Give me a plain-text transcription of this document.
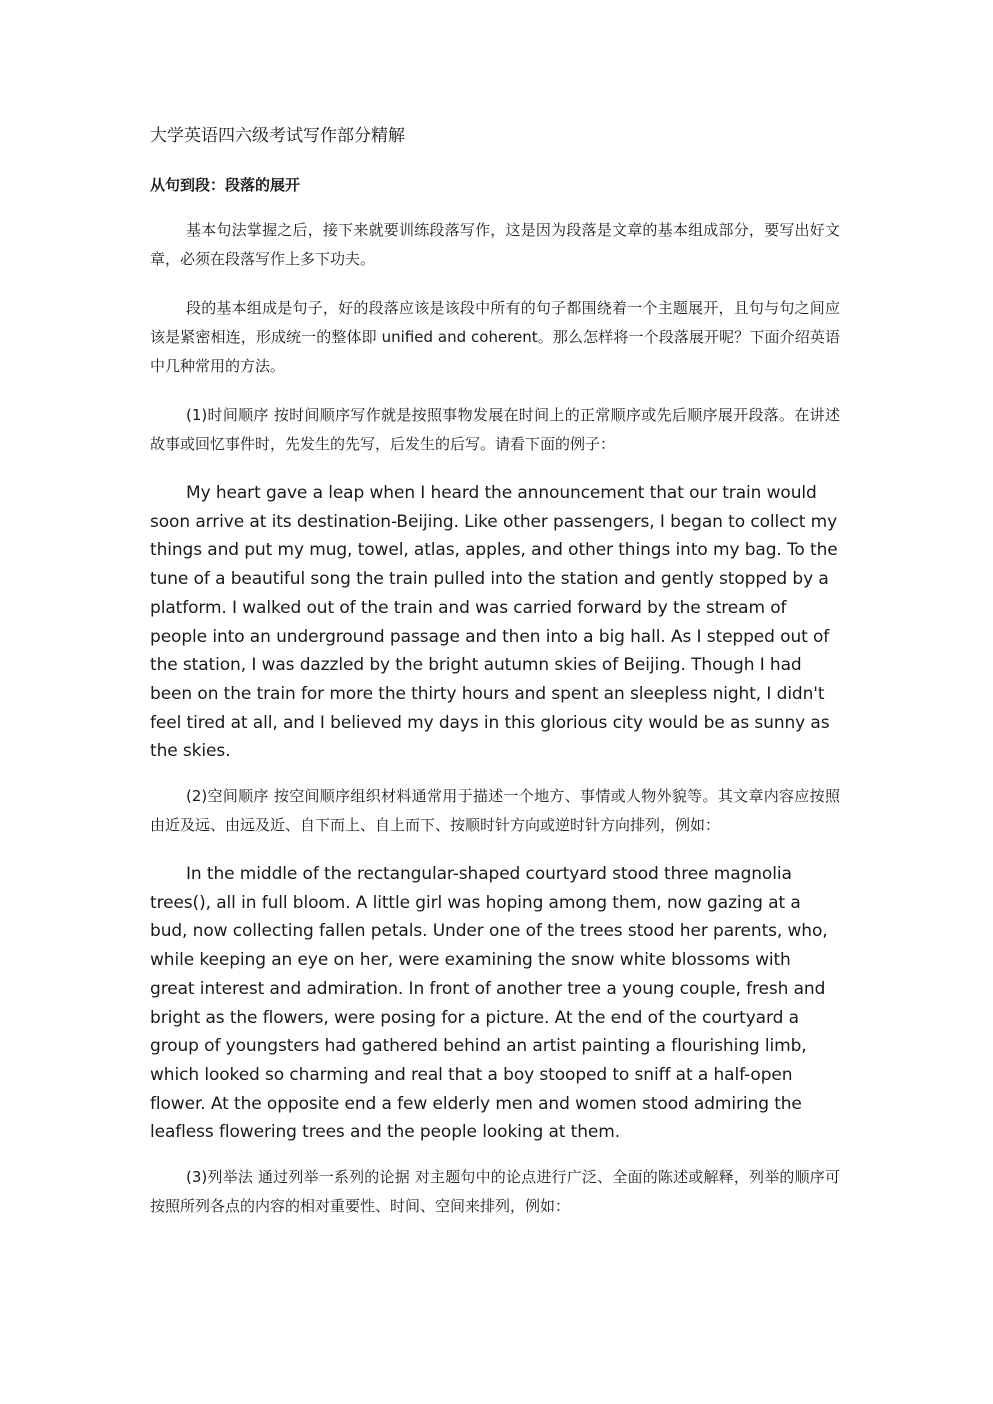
大学英语四六级考试写作部分精解
从句到段：段落的展开

基本句法掌握之后，接下来就要训练段落写作，这是因为段落是文章的基本组成部分，要写出好文章，必须在段落写作上多下功夫。

段的基本组成是句子，好的段落应该是该段中所有的句子都围绕着一个主题展开，且句与句之间应该是紧密相连，形成统一的整体即 unified and coherent。那么怎样将一个段落展开呢？下面介绍英语中几种常用的方法。

(1)时间顺序 按时间顺序写作就是按照事物发展在时间上的正常顺序或先后顺序展开段落。在讲述故事或回忆事件时，先发生的先写，后发生的后写。请看下面的例子：

My heart gave a leap when I heard the announcement that our train would soon arrive at its destination-Beijing. Like other passengers, I began to collect my things and put my mug, towel, atlas, apples, and other things into my bag. To the tune of a beautiful song the train pulled into the station and gently stopped by a platform. I walked out of the train and was carried forward by the stream of people into an underground passage and then into a big hall. As I stepped out of the station, I was dazzled by the bright autumn skies of Beijing. Though I had been on the train for more the thirty hours and spent an sleepless night, I didn't feel tired at all, and I believed my days in this glorious city would be as sunny as the skies.

(2)空间顺序 按空间顺序组织材料通常用于描述一个地方、事情或人物外貌等。其文章内容应按照由近及远、由远及近、自下而上、自上而下、按顺时针方向或逆时针方向排列，例如：

In the middle of the rectangular-shaped courtyard stood three magnolia trees(), all in full bloom. A little girl was hoping among them, now gazing at a bud, now collecting fallen petals. Under one of the trees stood her parents, who, while keeping an eye on her, were examining the snow white blossoms with great interest and admiration. In front of another tree a young couple, fresh and bright as the flowers, were posing for a picture. At the end of the courtyard a group of youngsters had gathered behind an artist painting a flourishing limb, which looked so charming and real that a boy stooped to sniff at a half-open flower. At the opposite end a few elderly men and women stood admiring the leafless flowering trees and the people looking at them.

(3)列举法 通过列举一系列的论据 对主题句中的论点进行广泛、全面的陈述或解释，列举的顺序可按照所列各点的内容的相对重要性、时间、空间来排列，例如：
